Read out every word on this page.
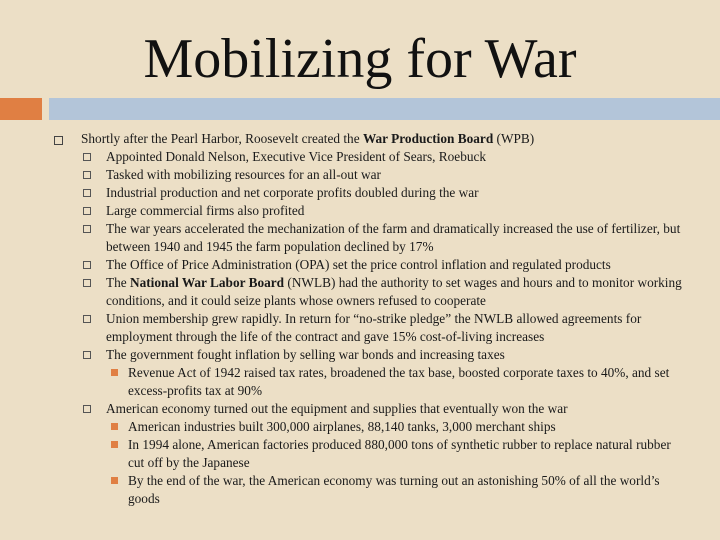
Mobilizing for War
Shortly after the Pearl Harbor, Roosevelt created the War Production Board (WPB)
Appointed Donald Nelson, Executive Vice President of Sears, Roebuck
Tasked with mobilizing resources for an all-out war
Industrial production and net corporate profits doubled during the war
Large commercial firms also profited
The war years accelerated the mechanization of the farm and dramatically increased the use of fertilizer, but between 1940 and 1945 the farm population declined by 17%
The Office of Price Administration (OPA) set the price control inflation and regulated products
The National War Labor Board (NWLB) had the authority to set wages and hours and to monitor working conditions, and it could seize plants whose owners refused to cooperate
Union membership grew rapidly. In return for “no-strike pledge” the NWLB allowed agreements for employment through the life of the contract and gave 15% cost-of-living increases
The government fought inflation by selling war bonds and increasing taxes
Revenue Act of 1942 raised tax rates, broadened the tax base, boosted corporate taxes to 40%, and set excess-profits tax at 90%
American economy turned out the equipment and supplies that eventually won the war
American industries built 300,000 airplanes, 88,140 tanks, 3,000 merchant ships
In 1994 alone, American factories produced 880,000 tons of synthetic rubber to replace natural rubber cut off by the Japanese
By the end of the war, the American economy was turning out an astonishing 50% of all the world’s goods
